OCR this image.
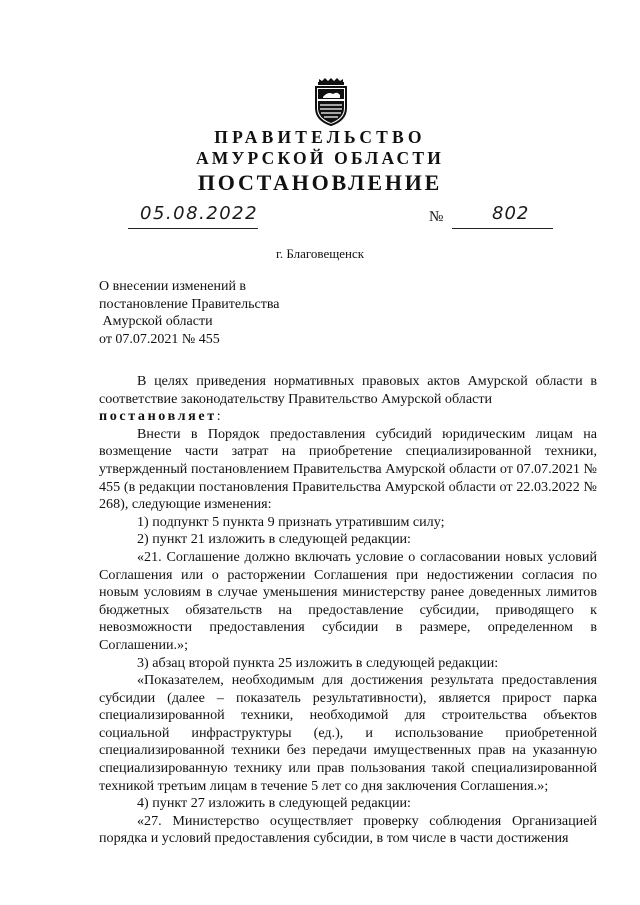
ПРАВИТЕЛЬСТВО
АМУРСКОЙ ОБЛАСТИ
ПОСТАНОВЛЕНИЕ
05.08.2022	№	802
г. Благовещенск
О внесении изменений в
постановление Правительства
Амурской области
от 07.07.2021 № 455

В целях приведения нормативных правовых актов Амурской области в соответствие законодательству Правительство Амурской области

постановляет:

Внести в Порядок предоставления субсидий юридическим лицам на возмещение части затрат на приобретение специализированной техники, утвержденный постановлением Правительства Амурской области от 07.07.2021 № 455 (в редакции постановления Правительства Амурской области от 22.03.2022 № 268), следующие изменения:

1) подпункт 5 пункта 9 признать утратившим силу;

2) пункт 21 изложить в следующей редакции:

«21. Соглашение должно включать условие о согласовании новых условий Соглашения или о расторжении Соглашения при недостижении согласия по новым условиям в случае уменьшения министерству ранее доведенных лимитов бюджетных обязательств на предоставление субсидии, приводящего к невозможности предоставления субсидии в размере, определенном в Соглашении.»;

3) абзац второй пункта 25 изложить в следующей редакции:

«Показателем, необходимым для достижения результата предоставления субсидии (далее – показатель результативности), является прирост парка специализированной техники, необходимой для строительства объектов социальной инфраструктуры (ед.), и использование приобретенной специализированной техники без передачи имущественных прав на указанную специализированную технику или прав пользования такой специализированной техникой третьим лицам в течение 5 лет со дня заключения Соглашения.»;

4) пункт 27 изложить в следующей редакции:

«27. Министерство осуществляет проверку соблюдения Организацией порядка и условий предоставления субсидии, в том числе в части достижения
